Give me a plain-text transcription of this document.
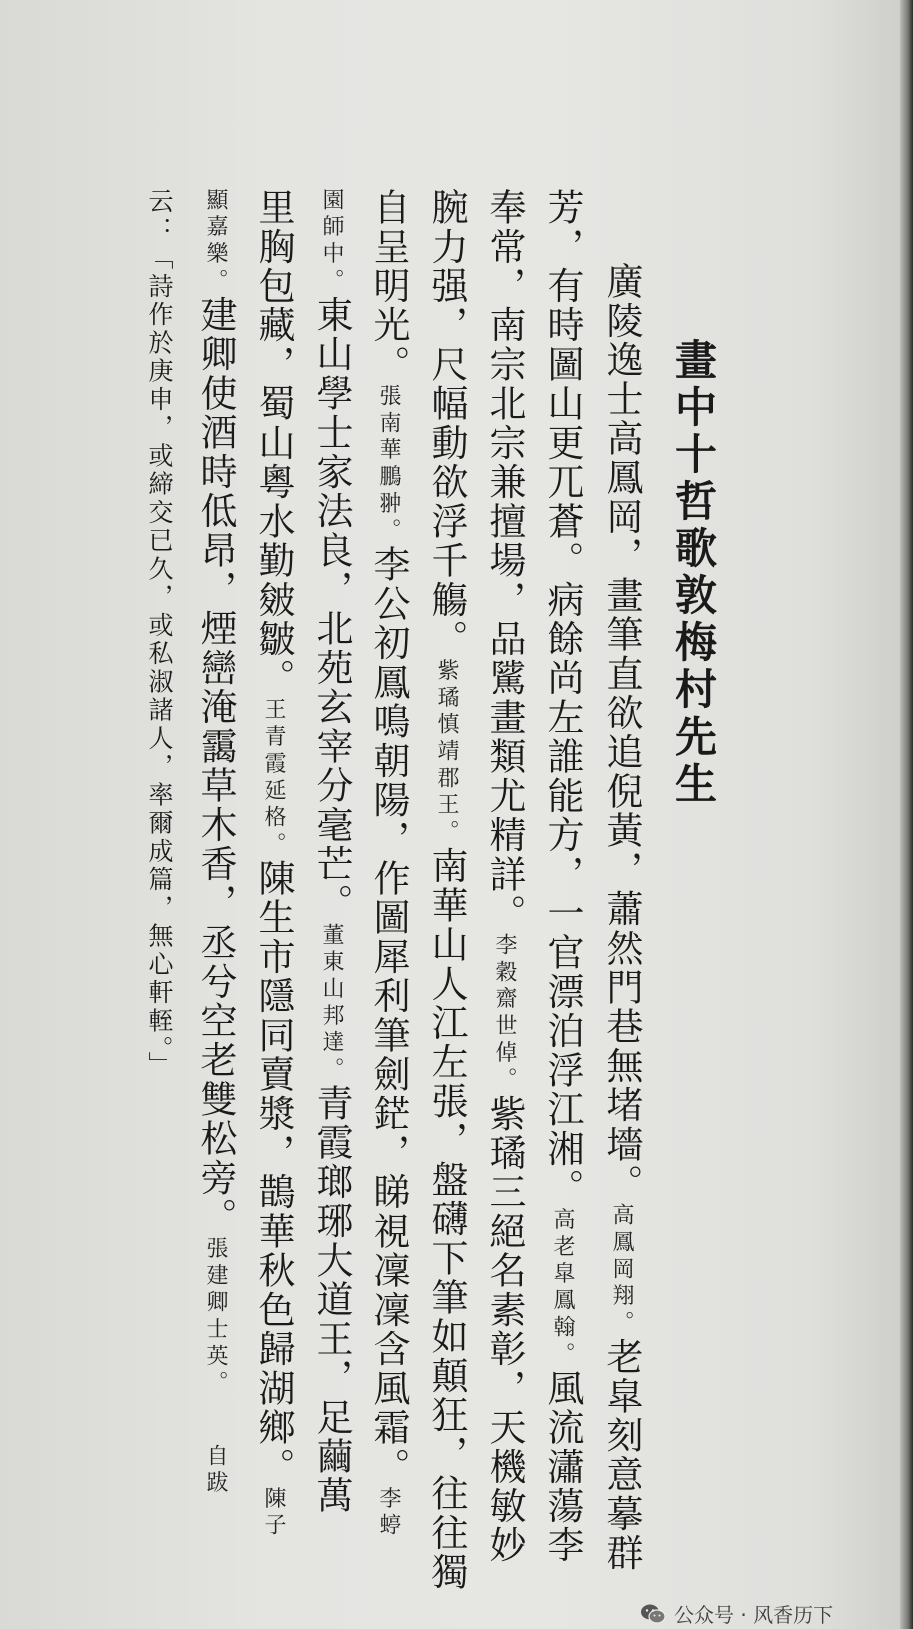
畫中十哲歌敦梅村先生
廣陵逸士高鳳岡，畫筆直欲追倪黃，蕭然門巷無堵墻。高鳳岡翔。老皐刻意摹群
芳，有時圖山更兀蒼。病餘尚左誰能方，一官漂泊浮江湘。高老皐鳳翰。風流瀟蕩李
奉常，南宗北宗兼擅場，品騭畫類尤精詳。李穀齋世倬。紫璚三絕名素彰，天機敏妙
腕力强，尺幅動欲浮千觴。紫璚慎靖郡王。南華山人江左張，盤礴下筆如顛狂，往往獨
自呈明光。張南華鵬翀。李公初鳳鳴朝陽，作圖犀利筆劍鋩，睇視凜凜含風霜。李蝏
園師中。東山學士家法良，北苑玄宰分毫芒。董東山邦達。青霞瑯琊大道王，足繭萬
里胸包藏，蜀山粵水勤皴皺。王青霞延格。陳生市隱同賣漿，鵲華秋色歸湖鄉。陳子
顯嘉樂。建卿使酒時低昂，煙巒淹靄草木香，丞兮空老雙松旁。張建卿士英。自跋
云：「詩作於庚申，或締交已久，或私淑諸人，率爾成篇，無心軒輊。」
公众号 · 风香历下
